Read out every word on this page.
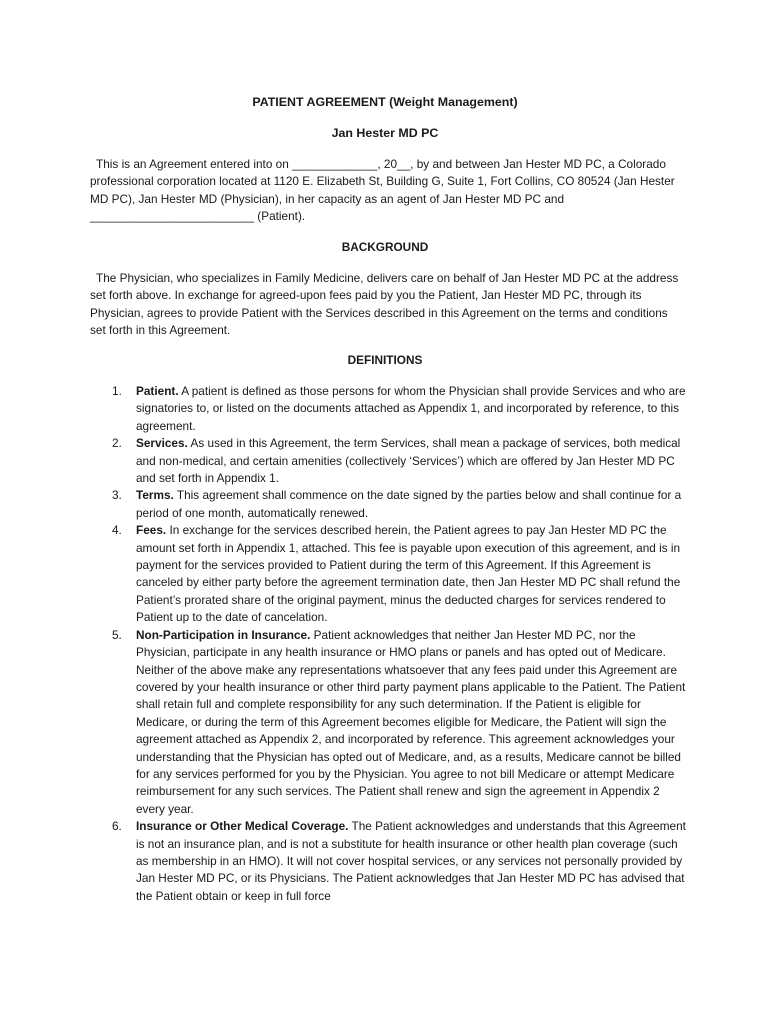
PATIENT AGREEMENT (Weight Management)
Jan Hester MD PC
This is an Agreement entered into on _____________, 20__, by and between Jan Hester MD PC, a Colorado professional corporation located at 1120 E. Elizabeth St, Building G, Suite 1, Fort Collins, CO 80524 (Jan Hester MD PC), Jan Hester MD (Physician), in her capacity as an agent of Jan Hester MD PC and _________________________ (Patient).
BACKGROUND
The Physician, who specializes in Family Medicine, delivers care on behalf of Jan Hester MD PC at the address set forth above. In exchange for agreed-upon fees paid by you the Patient, Jan Hester MD PC, through its Physician, agrees to provide Patient with the Services described in this Agreement on the terms and conditions set forth in this Agreement.
DEFINITIONS
1. Patient. A patient is defined as those persons for whom the Physician shall provide Services and who are signatories to, or listed on the documents attached as Appendix 1, and incorporated by reference, to this agreement.
2. Services. As used in this Agreement, the term Services, shall mean a package of services, both medical and non-medical, and certain amenities (collectively ‘Services’) which are offered by Jan Hester MD PC and set forth in Appendix 1.
3. Terms. This agreement shall commence on the date signed by the parties below and shall continue for a period of one month, automatically renewed.
4. Fees. In exchange for the services described herein, the Patient agrees to pay Jan Hester MD PC the amount set forth in Appendix 1, attached. This fee is payable upon execution of this agreement, and is in payment for the services provided to Patient during the term of this Agreement. If this Agreement is canceled by either party before the agreement termination date, then Jan Hester MD PC shall refund the Patient’s prorated share of the original payment, minus the deducted charges for services rendered to Patient up to the date of cancelation.
5. Non-Participation in Insurance. Patient acknowledges that neither Jan Hester MD PC, nor the Physician, participate in any health insurance or HMO plans or panels and has opted out of Medicare. Neither of the above make any representations whatsoever that any fees paid under this Agreement are covered by your health insurance or other third party payment plans applicable to the Patient. The Patient shall retain full and complete responsibility for any such determination. If the Patient is eligible for Medicare, or during the term of this Agreement becomes eligible for Medicare, the Patient will sign the agreement attached as Appendix 2, and incorporated by reference. This agreement acknowledges your understanding that the Physician has opted out of Medicare, and, as a results, Medicare cannot be billed for any services performed for you by the Physician. You agree to not bill Medicare or attempt Medicare reimbursement for any such services. The Patient shall renew and sign the agreement in Appendix 2 every year.
6. Insurance or Other Medical Coverage. The Patient acknowledges and understands that this Agreement is not an insurance plan, and is not a substitute for health insurance or other health plan coverage (such as membership in an HMO). It will not cover hospital services, or any services not personally provided by Jan Hester MD PC, or its Physicians. The Patient acknowledges that Jan Hester MD PC has advised that the Patient obtain or keep in full force
